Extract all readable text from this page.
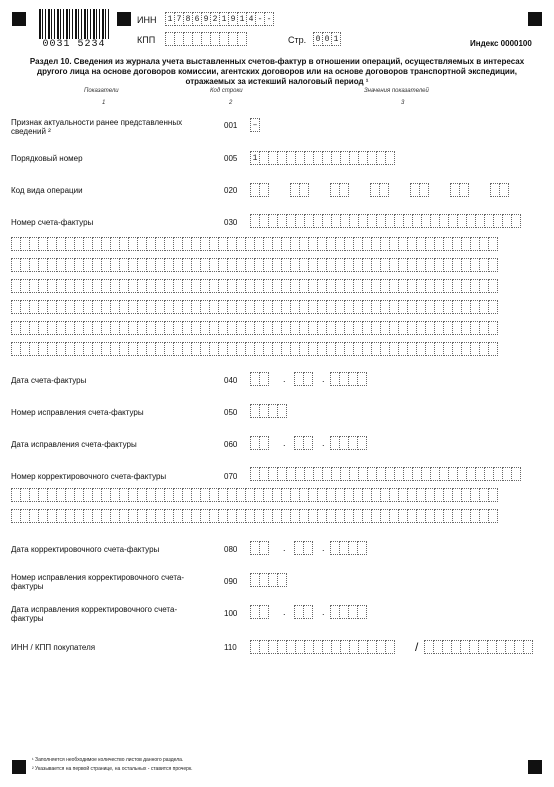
0031 5234
ИНН	1 7 8 6 9 2 1 9 1 4 - -
КПП	Стр.	0 0 1	Индекс 0000100
Раздел 10. Сведения из журнала учета выставленных счетов-фактур в отношении операций, осуществляемых в интересах другого лица на основе договоров комиссии, агентских договоров или на основе договоров транспортной экспедиции, отражаемых за истекший налоговый период ¹
Показатели	Код строки	Значения показателей
1	2	3
Признак актуальности ранее представленных сведений ²
001	–
Порядковый номер	005	1
Код вида операции	020
Номер счета-фактуры	030
Дата счета-фактуры	040	.	.
Номер исправления счета-фактуры	050
Дата исправления счета-фактуры	060	.	.
Номер корректировочного счета-фактуры	070
Дата корректировочного счета-фактуры	080	.	.
Номер исправления корректировочного счета-фактуры
090
Дата исправления корректировочного счета-фактуры
100	.	.
ИНН / КПП покупателя	110	/
¹ Заполняется необходимое количество листов данного раздела.
² Указывается на первой странице, на остальных - ставится прочерк.
